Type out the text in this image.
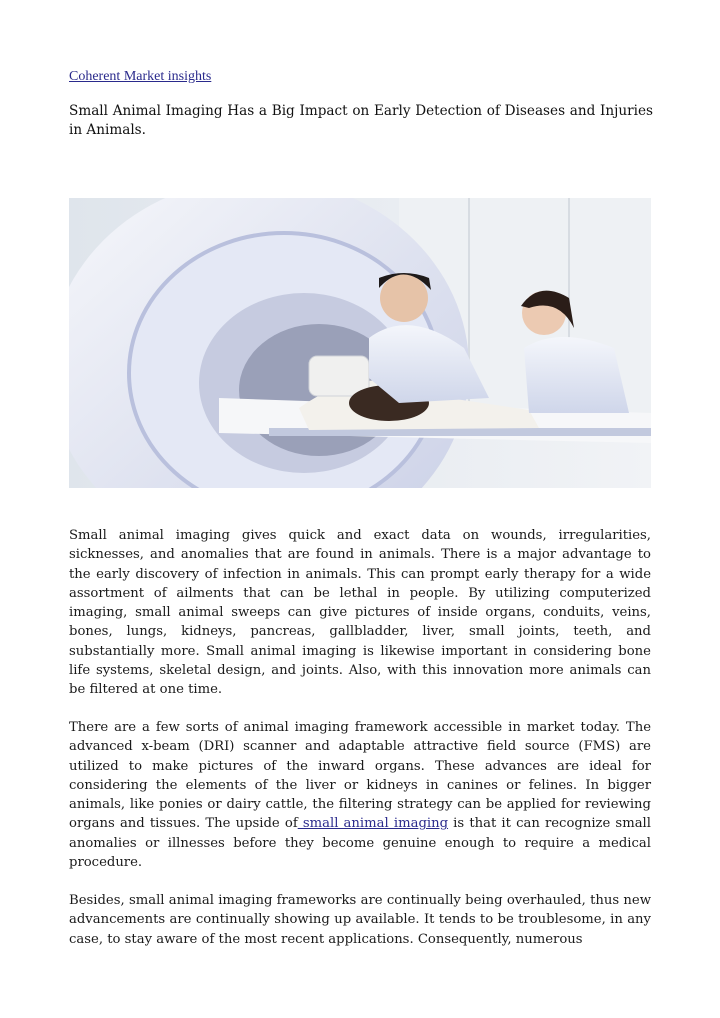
Coherent Market insights
Small Animal Imaging Has a Big Impact on Early Detection of Diseases and Injuries in Animals.

Small animal imaging gives quick and exact data on wounds, irregularities, sicknesses, and anomalies that are found in animals. There is a major advantage to the early discovery of infection in animals. This can prompt early therapy for a wide assortment of ailments that can be lethal in people. By utilizing computerized imaging, small animal sweeps can give pictures of inside organs, conduits, veins, bones, lungs, kidneys, pancreas, gallbladder, liver, small joints, teeth, and substantially more. Small animal imaging is likewise important in considering bone life systems, skeletal design, and joints. Also, with this innovation more animals can be filtered at one time.

There are a few sorts of animal imaging framework accessible in market today. The advanced x-beam (DRI) scanner and adaptable attractive field source (FMS) are utilized to make pictures of the inward organs. These advances are ideal for considering the elements of the liver or kidneys in canines or felines. In bigger animals, like ponies or dairy cattle, the filtering strategy can be applied for reviewing organs and tissues. The upside of small animal imaging is that it can recognize small anomalies or illnesses before they become genuine enough to require a medical procedure.

Besides, small animal imaging frameworks are continually being overhauled, thus new advancements are continually showing up available. It tends to be troublesome, in any case, to stay aware of the most recent applications. Consequently, numerous
